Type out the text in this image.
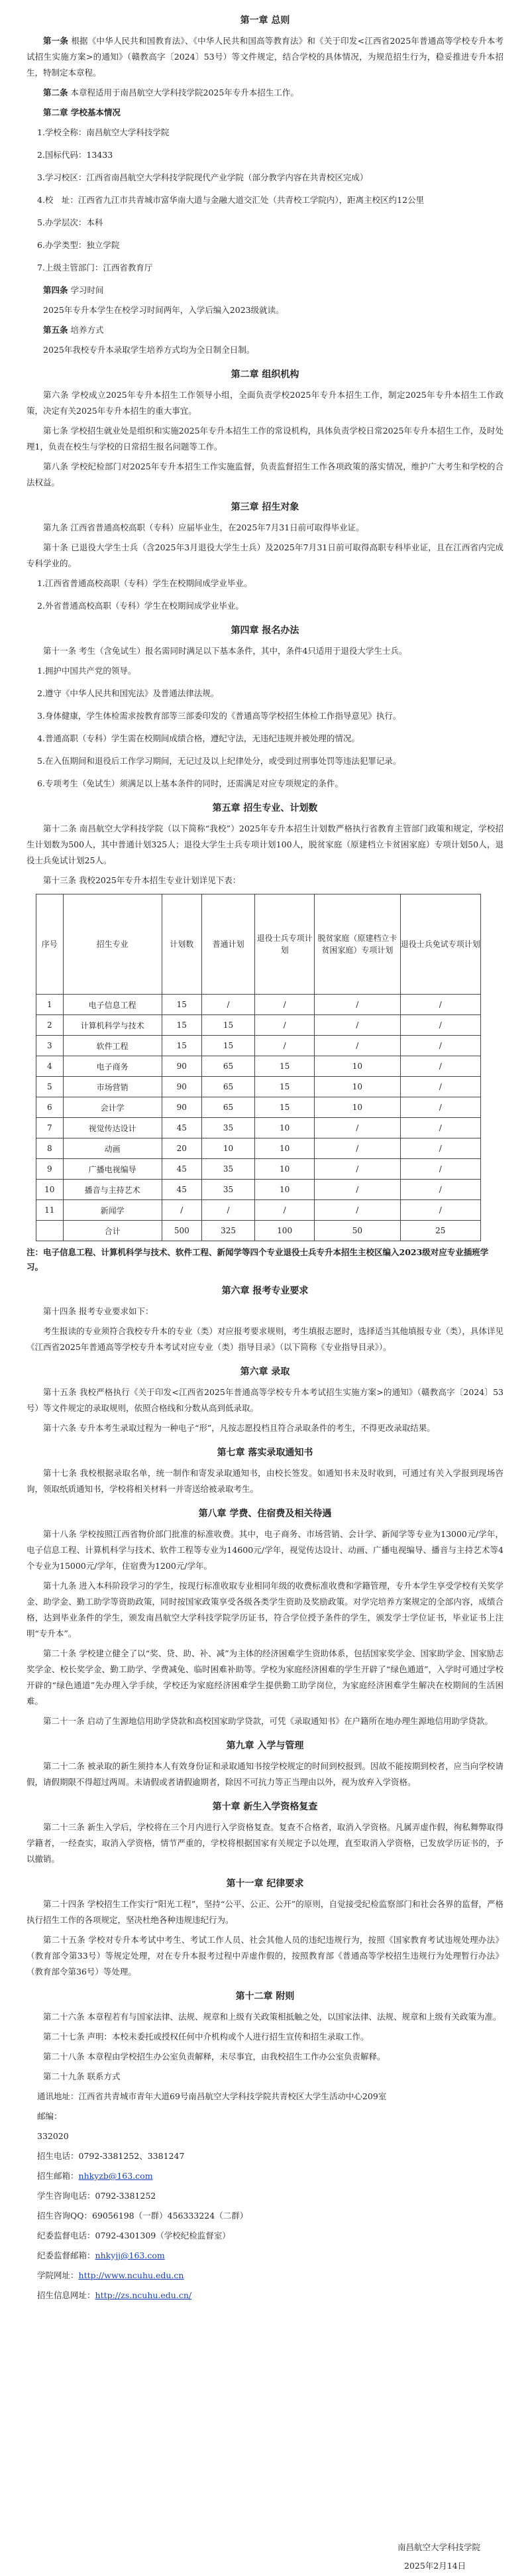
第一章 总则
第一条 根据《中华人民共和国教育法》、《中华人民共和国高等教育法》和《关于印发<江西省2025年普通高等学校专升本考试招生实施方案>的通知》（赣教高字〔2024〕53号）等文件规定，结合学校的具体情况，为规范招生行为，稳妥推进专升本招生，特制定本章程。
第二条 本章程适用于南昌航空大学科技学院2025年专升本招生工作。
第二章 学校基本情况
1.学校全称：南昌航空大学科技学院
2.国标代码：13433
3.学习校区：江西省南昌航空大学科技学院现代产业学院（部分教学内容在共青校区完成）
4.校　址：江西省九江市共青城市富华南大道与金融大道交汇处（共青校工学院内），距离主校区约12公里
5.办学层次：本科
6.办学类型：独立学院
7.上级主管部门：江西省教育厅
第四条 学习时间
2025年专升本学生在校学习时间两年，入学后编入2023级就读。
第五条 培养方式
2025年我校专升本录取学生培养方式均为全日制全日制。
第二章 组织机构
第六条 学校成立2025年专升本招生工作领导小组，全面负责学校2025年专升本招生工作，制定2025年专升本招生工作政策，决定有关2025年专升本招生的重大事宜。
第七条 学校招生就业处是组织和实施2025年专升本招生工作的常设机构，具体负责学校日常2025年专升本招生工作，及时处理1，负责在校生与学校的日常招生报名问题等工作。
第八条 学校纪检部门对2025年专升本招生工作实施监督，负责监督招生工作各项政策的落实情况，维护广大考生和学校的合法权益。
第三章 招生对象
第九条 江西省普通高校高职（专科）应届毕业生，在2025年7月31日前可取得毕业证。
第十条 已退役大学生士兵（含2025年3月退役大学生士兵）及2025年7月31日前可取得高职专科毕业证，且在江西省内完成专科学业的。
1.江西省普通高校高职（专科）学生在校期间成学业毕业。
2.外省普通高校高职（专科）学生在校期间成学业毕业。
第四章 报名办法
第十一条 考生（含免试生）报名需同时满足以下基本条件，其中，条件4只适用于退役大学生士兵。
1.拥护中国共产党的领导。
2.遵守《中华人民共和国宪法》及普通法律法规。
3.身体健康，学生体检需求按教育部等三部委印发的《普通高等学校招生体检工作指导意见》执行。
4.普通高职（专科）学生需在校期间成绩合格，遵纪守法，无违纪违规并被处理的情况。
5.在入伍期间和退役后工作学习期间，无记过及以上纪律处分，或受到过刑事处罚等违法犯罪记录。
6.专项考生（免试生）须满足以上基本条件的同时，还需满足对应专项规定的条件。
第五章 招生专业、计划数
第十二条 南昌航空大学科技学院（以下简称“我校”）2025年专升本招生计划数严格执行省教育主管部门政策和规定，学校招生计划数为500人，其中普通计划325人；退役大学生士兵专项计划100人，脱贫家庭（原建档立卡贫困家庭）专项计划50人，退役士兵免试计划25人。
第十三条 我校2025年专升本招生专业计划详见下表：
序号	招生专业	计划数	普通计划	退役士兵专项计划	脱贫家庭（原建档立卡贫困家庭）专项计划	退役士兵免试专项计划
1	电子信息工程	15	/	/	/	/
2	计算机科学与技术	15	15	/	/	/
3	软件工程	15	15	/	/	/
4	电子商务	90	65	15	10	/
5	市场营销	90	65	15	10	/
6	会计学	90	65	15	10	/
7	视觉传达设计	45	35	10	/	/
8	动画	20	10	10	/	/
9	广播电视编导	45	35	10	/	/
10	播音与主持艺术	45	35	10	/	/
11	新闻学	/	/	/	/	/
	合计	500	325	100	50	25
注：电子信息工程、计算机科学与技术、软件工程、新闻学等四个专业退役士兵专升本招生主校区编入2023级对应专业插班学习。
第六章 报考专业要求
第十四条 报考专业要求如下：
考生报读的专业须符合我校专升本的专业（类）对应报考要求规则，考生填报志愿时，选择适当其他填报专业（类），具体详见《江西省2025年普通高等学校专升本考试对应专业（类）指导目录》（以下简称《专业指导目录》）。
第六章 录取
第十五条 我校严格执行《关于印发<江西省2025年普通高等学校专升本考试招生实施方案>的通知》（赣教高字〔2024〕53号）等文件规定的录取规则，依照合格线和分数从高到低录取。
第十六条 专升本考生录取过程为一种电子“形”，凡按志愿投档且符合录取条件的考生，不得更改录取结果。
第七章 落实录取通知书
第十七条 我校根据录取名单，统一制作和寄发录取通知书，由校长签发。如通知书未及时收到，可通过有关入学报到现场咨询，领取纸质通知书，学校将相关材料一并寄送给被录取考生。
第八章 学费、住宿费及相关待遇
第十八条 学校按照江西省物价部门批准的标准收费。其中，电子商务、市场营销、会计学、新闻学等专业为13000元/学年，电子信息工程、计算机科学与技术、软件工程等专业为14600元/学年，视觉传达设计、动画、广播电视编导、播音与主持艺术等4个专业为15000元/学年，住宿费为1200元/学年。
第十九条 进入本科阶段学习的学生，按现行标准收取专业相同年级的收费标准收费和学籍管理，专升本学生享受学校有关奖学金、助学金、勤工助学等资助政策，同时按国家政策享受各级各类学生资助及奖励政策。对学完培养方案规定的全部内容，成绩合格，达到毕业条件的学生，颁发南昌航空大学科技学院学历证书，符合学位授予条件的学生，颁发学士学位证书，毕业证书上注明“专升本”。
第二十条 学校建立健全了以“奖、贷、助、补、减”为主体的经济困难学生资助体系，包括国家奖学金、国家助学金、国家励志奖学金、校长奖学金、勤工助学、学费减免、临时困难补助等。学校为家庭经济困难的学生开辟了“绿色通道”，入学时可通过学校开辟的“绿色通道”先办理入学手续，学校还为家庭经济困难学生提供勤工助学岗位，为家庭经济困难学生解决在校期间的生活困难。
第二十一条 启动了生源地信用助学贷款和高校国家助学贷款，可凭《录取通知书》在户籍所在地办理生源地信用助学贷款。
第九章 入学与管理
第二十二条 被录取的新生须持本人有效身份证和录取通知书按学校规定的时间到校报到。因故不能按期到校者，应当向学校请假，请假期限不得超过两周。未请假或者请假逾期者，除因不可抗力等正当理由以外，视为放弃入学资格。
第十章 新生入学资格复查
第二十三条 新生入学后，学校将在三个月内进行入学资格复查。复查不合格者，取消入学资格。凡属弄虚作假，徇私舞弊取得学籍者，一经查实，取消入学资格，情节严重的，学校将根据国家有关规定予以处理，直至取消入学资格，已发放学历证书的，予以撤销。
第十一章 纪律要求
第二十四条 学校招生工作实行“阳光工程”，坚持“公平、公正、公开”的原则，自觉接受纪检监察部门和社会各界的监督，严格执行招生工作的各项规定，坚决杜绝各种违规违纪行为。
第二十五条 学校对专升本考试中考生、考试工作人员、社会其他人员的违纪违规行为，按照《国家教育考试违规处理办法》（教育部令第33号）等规定处理，对在专升本报考过程中弄虚作假的，按照教育部《普通高等学校招生违规行为处理暂行办法》（教育部令第36号）等处理。
第十二章 附则
第二十六条 本章程若有与国家法律、法规、规章和上级有关政策相抵触之处，以国家法律、法规、规章和上级有关政策为准。
第二十七条 声明：本校未委托或授权任何中介机构或个人进行招生宣传和招生录取工作。
第二十八条 本章程由学校招生办公室负责解释，未尽事宜，由我校招生工作办公室负责解释。
第二十九条 联系方式
通讯地址：江西省共青城市青年大道69号南昌航空大学科技学院共青校区大学生活动中心209室
邮编：
332020
招生电话：0792-3381252、3381247
招生邮箱：nhkyzb@163.com
学生咨询电话：0792-3381252
招生咨询QQ：69056198（一群）456333224（二群）
纪委监督电话：0792-4301309（学校纪检监督室）
纪委监督邮箱：nhkyjj@163.com
学院网址：http://www.ncuhu.edu.cn
招生信息网址：http://zs.ncuhu.edu.cn/
南昌航空大学科技学院
2025年2月14日
